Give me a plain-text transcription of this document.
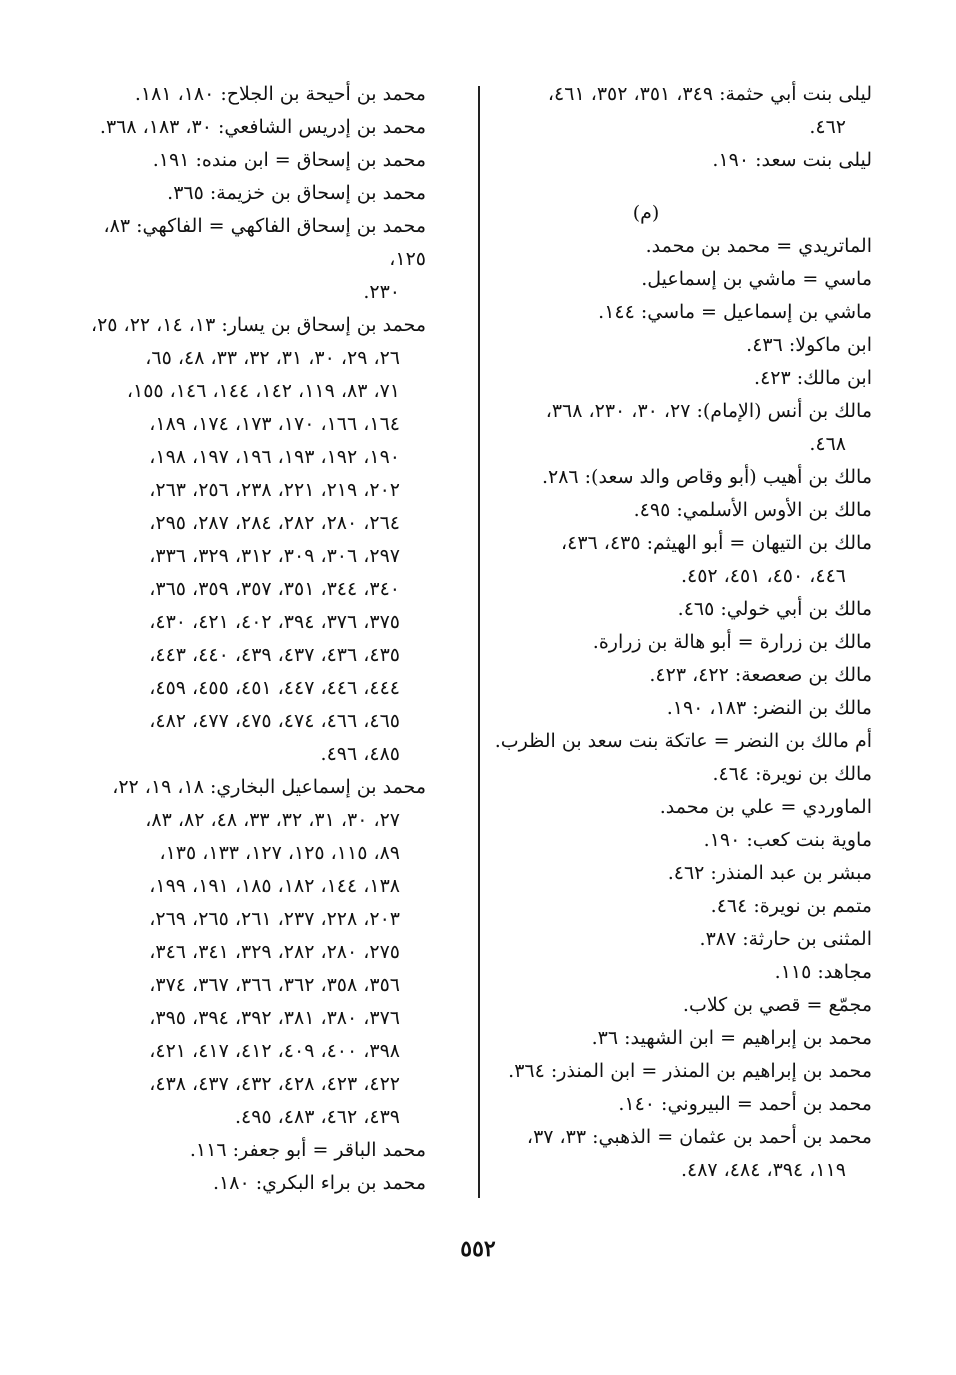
ليلى بنت أبي حثمة: ٣٤٩، ٣٥١، ٣٥٢، ٤٦١،
٤٦٢.
ليلى بنت سعد: ١٩٠.
(م)
الماتريدي = محمد بن محمد.
ماسي = ماشي بن إسماعيل.
ماشي بن إسماعيل = ماسي: ١٤٤.
ابن ماكولا: ٤٣٦.
ابن مالك: ٤٢٣.
مالك بن أنس (الإمام): ٢٧، ٣٠، ٢٣٠، ٣٦٨،
٤٦٨.
مالك بن أهيب (أبو وقاص والد سعد): ٢٨٦.
مالك بن الأوس الأسلمي: ٤٩٥.
مالك بن التيهان = أبو الهيثم: ٤٣٥، ٤٣٦،
٤٤٦، ٤٥٠، ٤٥١، ٤٥٢.
مالك بن أبي خولي: ٤٦٥.
مالك بن زرارة = أبو هالة بن زرارة.
مالك بن صعصعة: ٤٢٢، ٤٢٣.
مالك بن النضر: ١٨٣، ١٩٠.
أم مالك بن النضر = عاتكة بنت سعد بن الظرب.
مالك بن نويرة: ٤٦٤.
الماوردي = علي بن محمد.
ماوية بنت كعب: ١٩٠.
مبشر بن عبد المنذر: ٤٦٢.
متمم بن نويرة: ٤٦٤.
المثنى بن حارثة: ٣٨٧.
مجاهد: ١١٥.
مجمّع = قصي بن كلاب.
محمد بن إبراهيم = ابن الشهيد: ٣٦.
محمد بن إبراهيم بن المنذر = ابن المنذر: ٣٦٤.
محمد بن أحمد = البيروني: ١٤٠.
محمد بن أحمد بن عثمان = الذهبي: ٣٣، ٣٧،
١١٩، ٣٩٤، ٤٨٤، ٤٨٧.
محمد بن أحيحة بن الجلاح: ١٨٠، ١٨١.
محمد بن إدريس الشافعي: ٣٠، ١٨٣، ٣٦٨.
محمد بن إسحاق = ابن منده: ١٩١.
محمد بن إسحاق بن خزيمة: ٣٦٥.
محمد بن إسحاق الفاكهي = الفاكهي: ٨٣، ١٢٥،
٢٣٠.
محمد بن إسحاق بن يسار: ١٣، ١٤، ٢٢، ٢٥،
٢٦، ٢٩، ٣٠، ٣١، ٣٢، ٣٣، ٤٨، ٦٥،
٧١، ٨٣، ١١٩، ١٤٢، ١٤٤، ١٤٦، ١٥٥،
١٦٤، ١٦٦، ١٧٠، ١٧٣، ١٧٤، ١٨٩،
١٩٠، ١٩٢، ١٩٣، ١٩٦، ١٩٧، ١٩٨،
٢٠٢، ٢١٩، ٢٢١، ٢٣٨، ٢٥٦، ٢٦٣،
٢٦٤، ٢٨٠، ٢٨٢، ٢٨٤، ٢٨٧، ٢٩٥،
٢٩٧، ٣٠٦، ٣٠٩، ٣١٢، ٣٢٩، ٣٣٦،
٣٤٠، ٣٤٤، ٣٥١، ٣٥٧، ٣٥٩، ٣٦٥،
٣٧٥، ٣٧٦، ٣٩٤، ٤٠٢، ٤٢١، ٤٣٠،
٤٣٥، ٤٣٦، ٤٣٧، ٤٣٩، ٤٤٠، ٤٤٣،
٤٤٤، ٤٤٦، ٤٤٧، ٤٥١، ٤٥٥، ٤٥٩،
٤٦٥، ٤٦٦، ٤٧٤، ٤٧٥، ٤٧٧، ٤٨٢،
٤٨٥، ٤٩٦.
محمد بن إسماعيل البخاري: ١٨، ١٩، ٢٢،
٢٧، ٣٠، ٣١، ٣٢، ٣٣، ٤٨، ٨٢، ٨٣،
٨٩، ١١٥، ١٢٥، ١٢٧، ١٣٣، ١٣٥،
١٣٨، ١٤٤، ١٨٢، ١٨٥، ١٩١، ١٩٩،
٢٠٣، ٢٢٨، ٢٣٧، ٢٦١، ٢٦٥، ٢٦٩،
٢٧٥، ٢٨٠، ٢٨٢، ٣٢٩، ٣٤١، ٣٤٦،
٣٥٦، ٣٥٨، ٣٦٢، ٣٦٦، ٣٦٧، ٣٧٤،
٣٧٦، ٣٨٠، ٣٨١، ٣٩٢، ٣٩٤، ٣٩٥،
٣٩٨، ٤٠٠، ٤٠٩، ٤١٢، ٤١٧، ٤٢١،
٤٢٢، ٤٢٣، ٤٢٨، ٤٣٢، ٤٣٧، ٤٣٨،
٤٣٩، ٤٦٢، ٤٨٣، ٤٩٥.
محمد الباقر = أبو جعفر: ١١٦.
محمد بن براء البكري: ١٨٠.
٥٥٢
